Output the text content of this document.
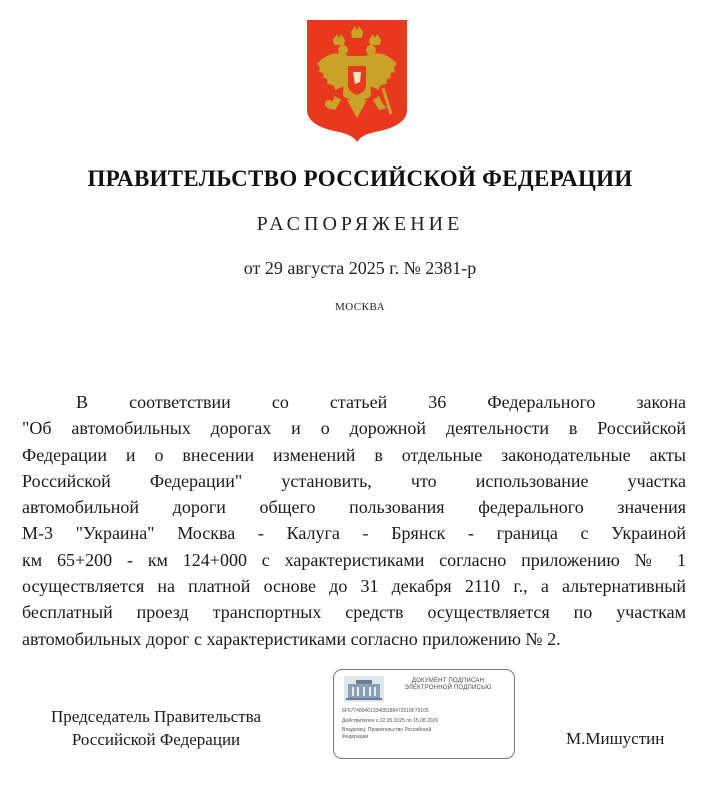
ПРАВИТЕЛЬСТВО РОССИЙСКОЙ ФЕДЕРАЦИИ
РАСПОРЯЖЕНИЕ
от 29 августа 2025 г. № 2381-р
МОСКВА
В соответствии со статьей 36 Федерального закона
"Об автомобильных дорогах и о дорожной деятельности в Российской
Федерации и о внесении изменений в отдельные законодательные акты
Российской Федерации" установить, что использование участка
автомобильной дороги общего пользования федерального значения
М-3 "Украина" Москва - Калуга - Брянск - граница с Украиной
км 65+200 - км 124+000 с характеристиками согласно приложению № 1
осуществляется на платной основе до 31 декабря 2110 г., а альтернативный
бесплатный проезд транспортных средств осуществляется по участкам
автомобильных дорог с характеристиками согласно приложению № 2.
Председатель Правительства
Российской Федерации
ДОКУМЕНТ ПОДПИСАН
ЭЛЕКТРОННОЙ ПОДПИСЬЮ
6F67748040133408188472610F79105
Действителен с 22.05.2025 по 15.08.2026
Владелец: Правительство Российской
Федерации	М.Мишустин
